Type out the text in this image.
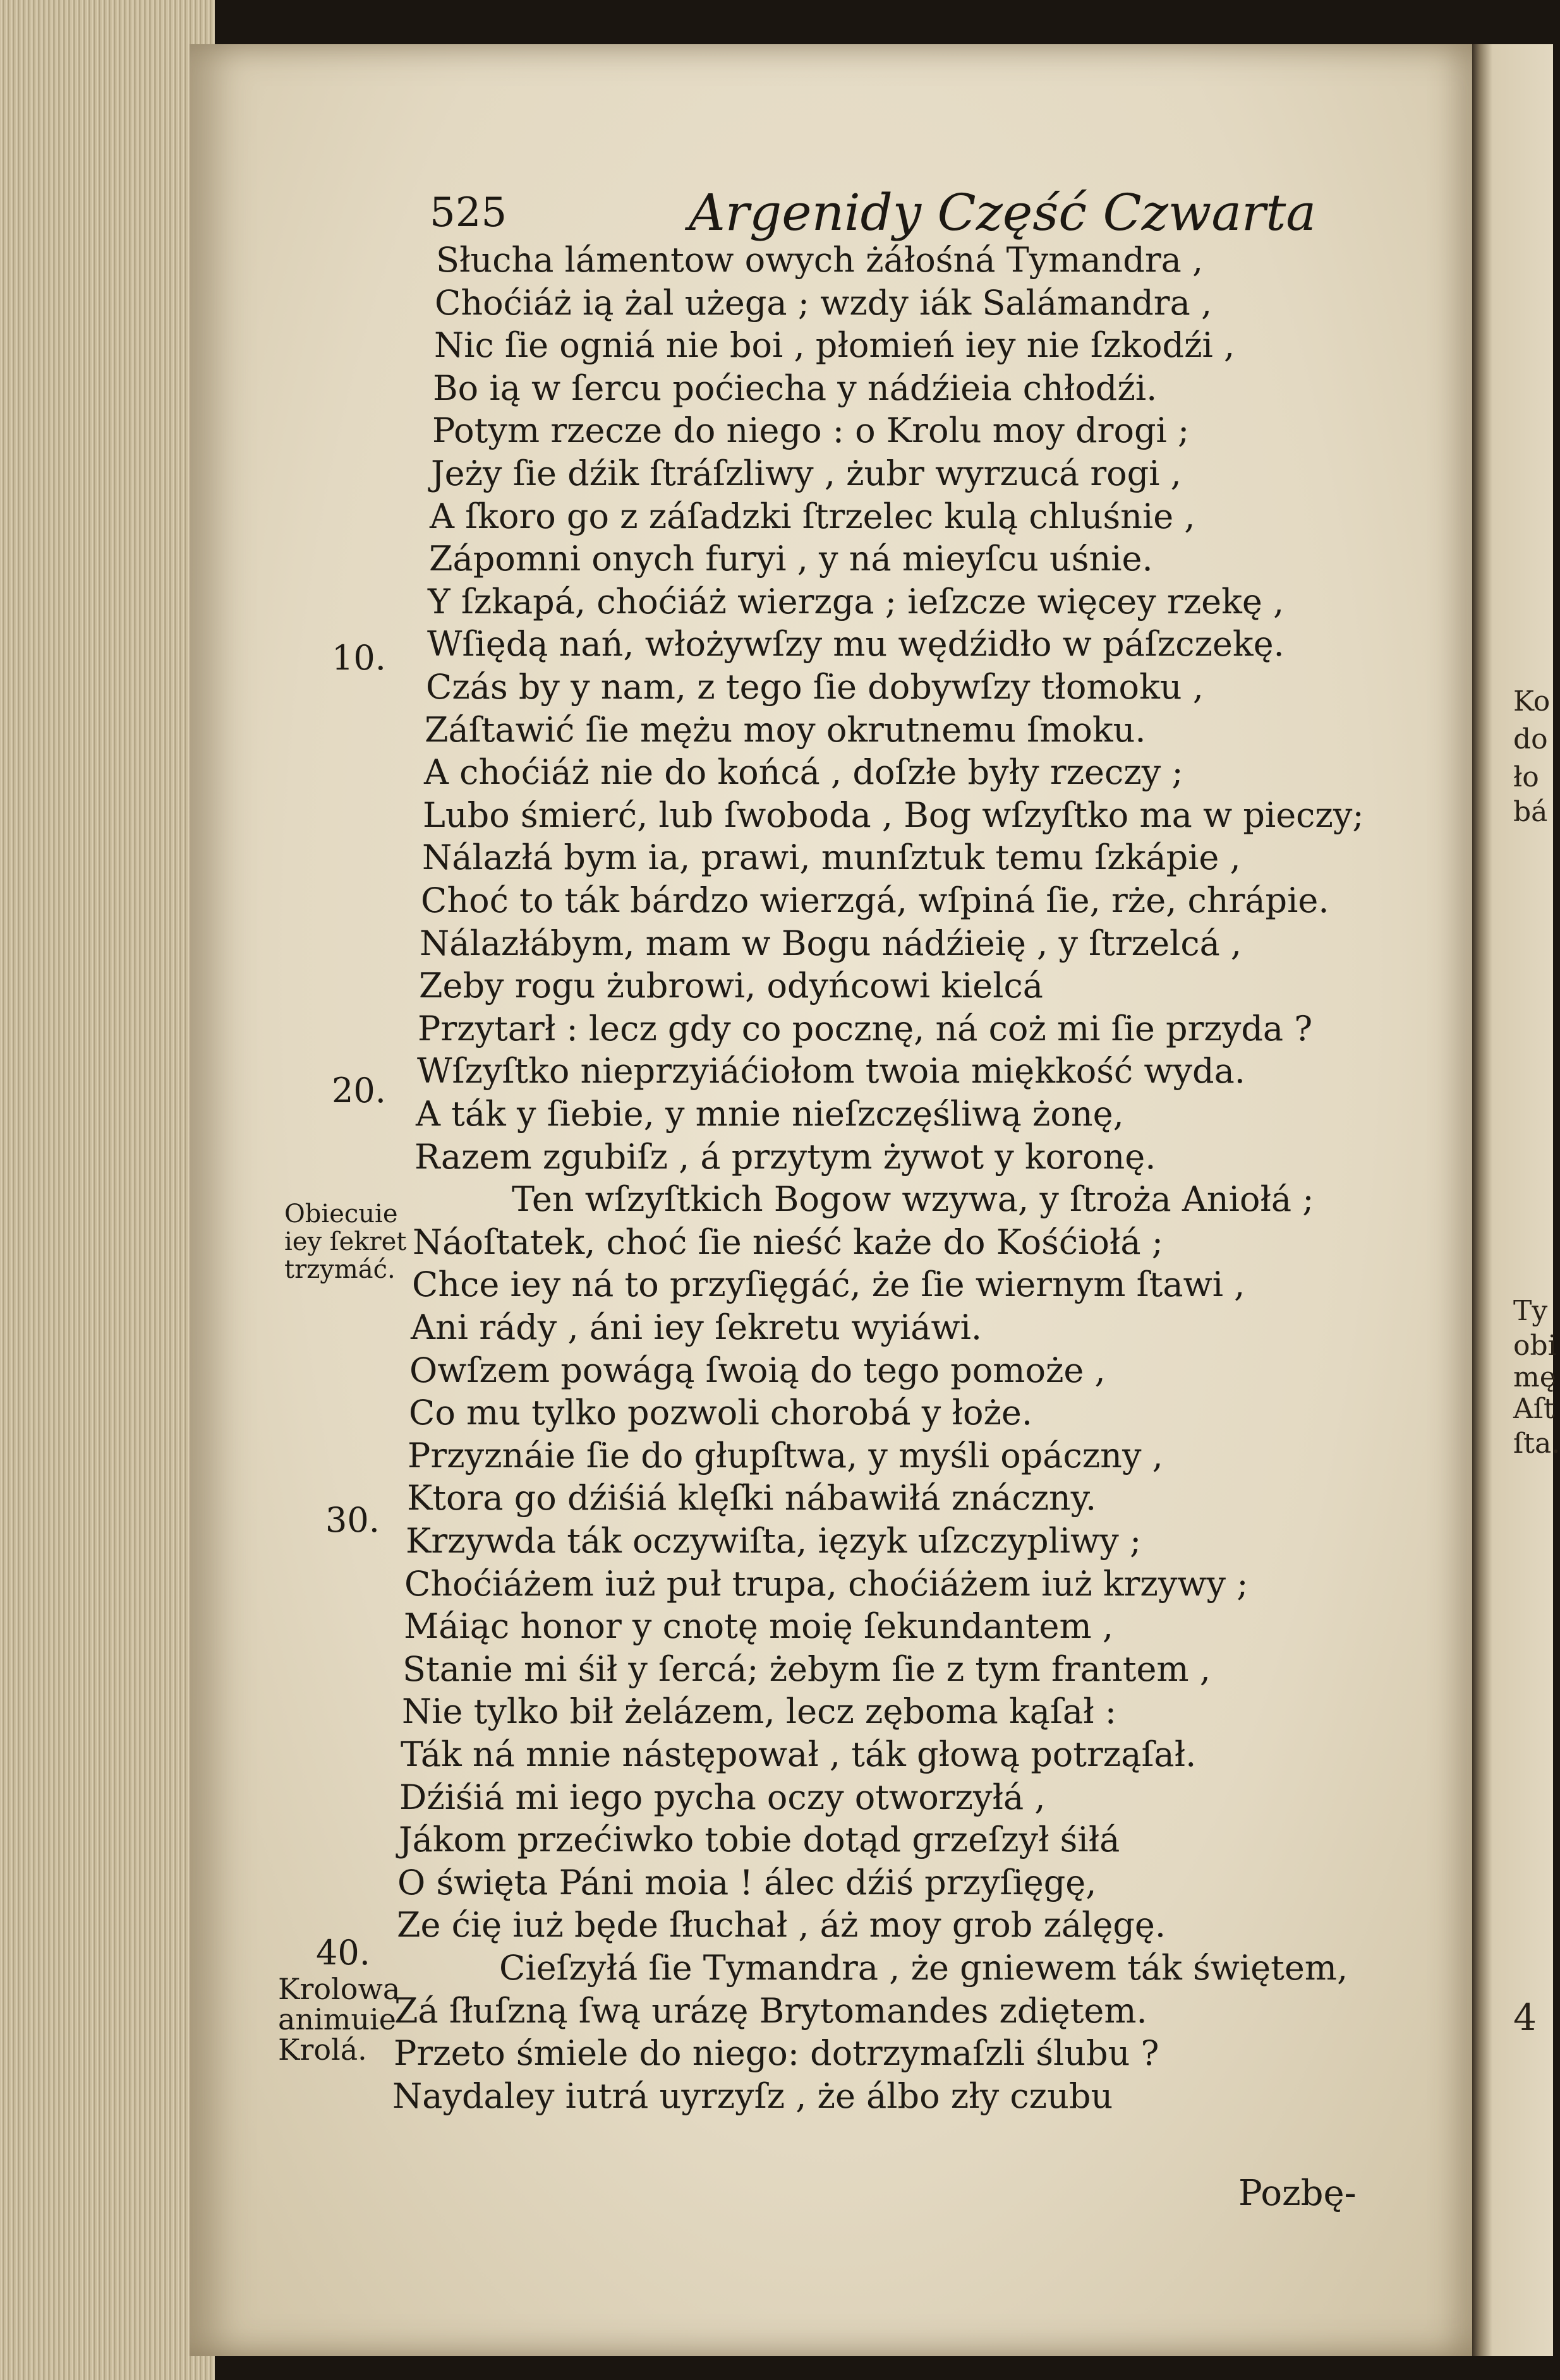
Ko
do
ło
bá
Ty
obi
mę
Aſt
ſta.
4
525	Argenidy Część Czwarta
Słucha lámentow owych żáłośná Tymandra ,
Choćiáż ią żal użega ; wzdy iák Salámandra ,
Nic ſie ogniá nie boi , płomień iey nie ſzkodźi ,
Bo ią w ſercu poćiecha y nádźieia chłodźi.
Potym rzecze do niego : o Krolu moy drogi ;
Jeży ſie dźik ſtráſzliwy , żubr wyrzucá rogi ,
A ſkoro go z záſadzki ſtrzelec kulą chluśnie ,
Zápomni onych furyi , y ná mieyſcu uśnie.
Y ſzkapá, choćiáż wierzga ; ieſzcze więcey rzekę ,
Wſiędą nań, włożywſzy mu wędźidło w páſzczekę.
Czás by y nam, z tego ſie dobywſzy tłomoku ,
Záſtawić ſie mężu moy okrutnemu ſmoku.
A choćiáż nie do końcá , doſzłe były rzeczy ;
Lubo śmierć, lub ſwoboda , Bog wſzyſtko ma w pieczy;
Nálazłá bym ia, prawi, munſztuk temu ſzkápie ,
Choć to ták bárdzo wierzgá, wſpiná ſie, rże, chrápie.
Nálazłábym, mam w Bogu nádźieię , y ſtrzelcá ,
Zeby rogu żubrowi, odyńcowi kielcá
Przytarł : lecz gdy co pocznę, ná coż mi ſie przyda ?
Wſzyſtko nieprzyiáćiołom twoia miękkość wyda.
A ták y ſiebie, y mnie nieſzczęśliwą żonę,
Razem zgubiſz , á przytym żywot y koronę.
Ten wſzyſtkich Bogow wzywa, y ſtroża Aniołá ;
Náoſtatek, choć ſie nieść każe do Kośćiołá ;
Chce iey ná to przyſięgáć, że ſie wiernym ſtawi ,
Ani rády , áni iey ſekretu wyiáwi.
Owſzem powágą ſwoią do tego pomoże ,
Co mu tylko pozwoli chorobá y łoże.
Przyznáie ſie do głupſtwa, y myśli opáczny ,
Ktora go dźiśiá klęſki nábawiłá znáczny.
Krzywda ták oczywiſta, ięzyk uſzczypliwy ;
Choćiáżem iuż puł trupa, choćiáżem iuż krzywy ;
Máiąc honor y cnotę moię ſekundantem ,
Stanie mi śił y ſercá; żebym ſie z tym frantem ,
Nie tylko bił żelázem, lecz zęboma kąſał :
Ták ná mnie nástępował , ták głową potrząſał.
Dźiśiá mi iego pycha oczy otworzyłá ,
Jákom przećiwko tobie dotąd grzeſzył śiłá
O święta Páni moia ! álec dźiś przyſięgę,
Ze ćię iuż będe ſłuchał , áż moy grob zálęgę.
Cieſzyłá ſie Tymandra , że gniewem ták świętem,
Zá ſłuſzną ſwą urázę Brytomandes zdiętem.
Przeto śmiele do niego: dotrzymaſzli ślubu ?
Naydaley iutrá uyrzyſz , że álbo zły czubu
10.
20.
30.
40.
Obiecuie
iey ſekret
trzymáć.
Krolowa
animuie
Krolá.
Pozbę-
